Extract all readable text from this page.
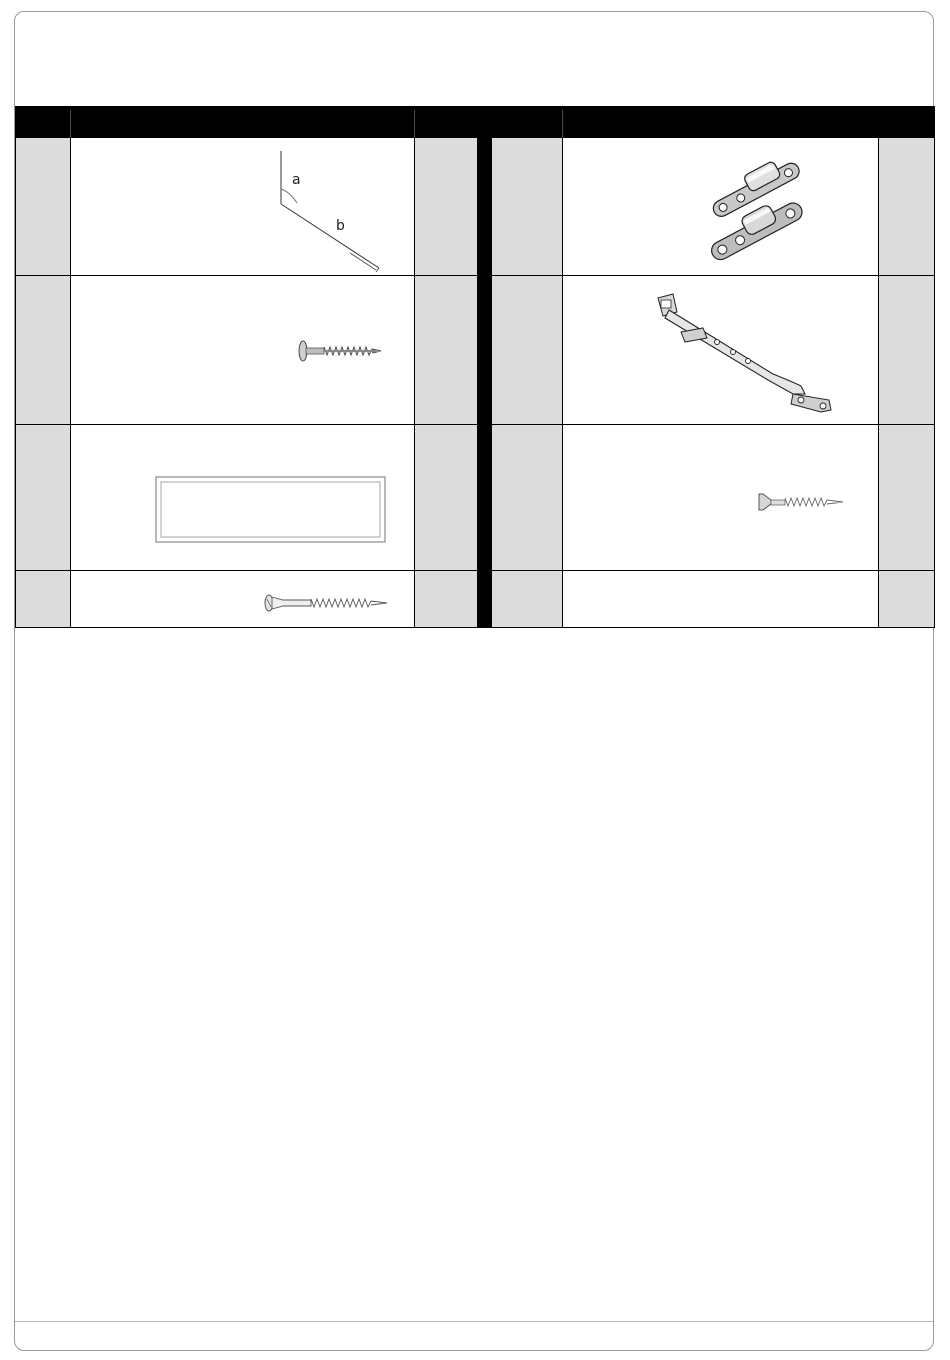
a
b
